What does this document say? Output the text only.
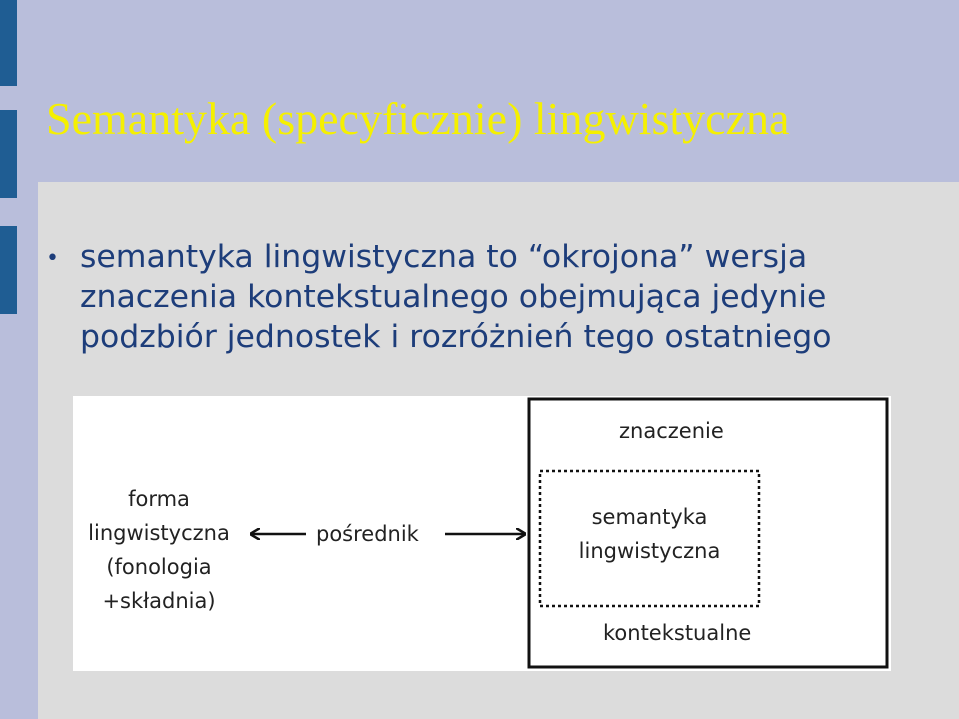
Semantyka (specyficznie) lingwistyczna
• semantyka lingwistyczna to “okrojona” wersja
znaczenia kontekstualnego obejmująca jedynie
podzbiór jednostek i rozróżnień tego ostatniego
forma
lingwistyczna
(fonologia
+składnia)
pośrednik
znaczenie
semantyka
lingwistyczna
kontekstualne
